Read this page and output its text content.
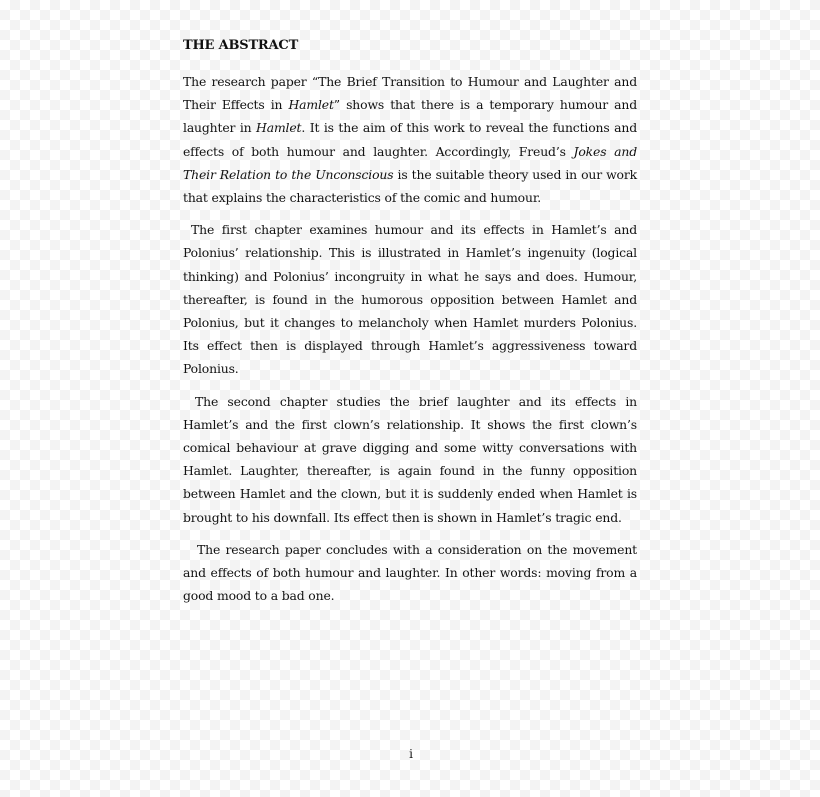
THE ABSTRACT

The research paper “The Brief Transition to Humour and Laughter and Their Effects in Hamlet” shows that there is a temporary humour and laughter in Hamlet. It is the aim of this work to reveal the functions and effects of both humour and laughter. Accordingly, Freud’s Jokes and Their Relation to the Unconscious is the suitable theory used in our work that explains the characteristics of the comic and humour.

The first chapter examines humour and its effects in Hamlet’s and Polonius’ relationship. This is illustrated in Hamlet’s ingenuity (logical thinking) and Polonius’ incongruity in what he says and does. Humour, thereafter, is found in the humorous opposition between Hamlet and Polonius, but it changes to melancholy when Hamlet murders Polonius. Its effect then is displayed through Hamlet’s aggressiveness toward Polonius.

The second chapter studies the brief laughter and its effects in Hamlet’s and the first clown’s relationship. It shows the first clown’s comical behaviour at grave digging and some witty conversations with Hamlet. Laughter, thereafter, is again found in the funny opposition between Hamlet and the clown, but it is suddenly ended when Hamlet is brought to his downfall. Its effect then is shown in Hamlet’s tragic end.

The research paper concludes with a consideration on the movement and effects of both humour and laughter. In other words: moving from a good mood to a bad one.

i
